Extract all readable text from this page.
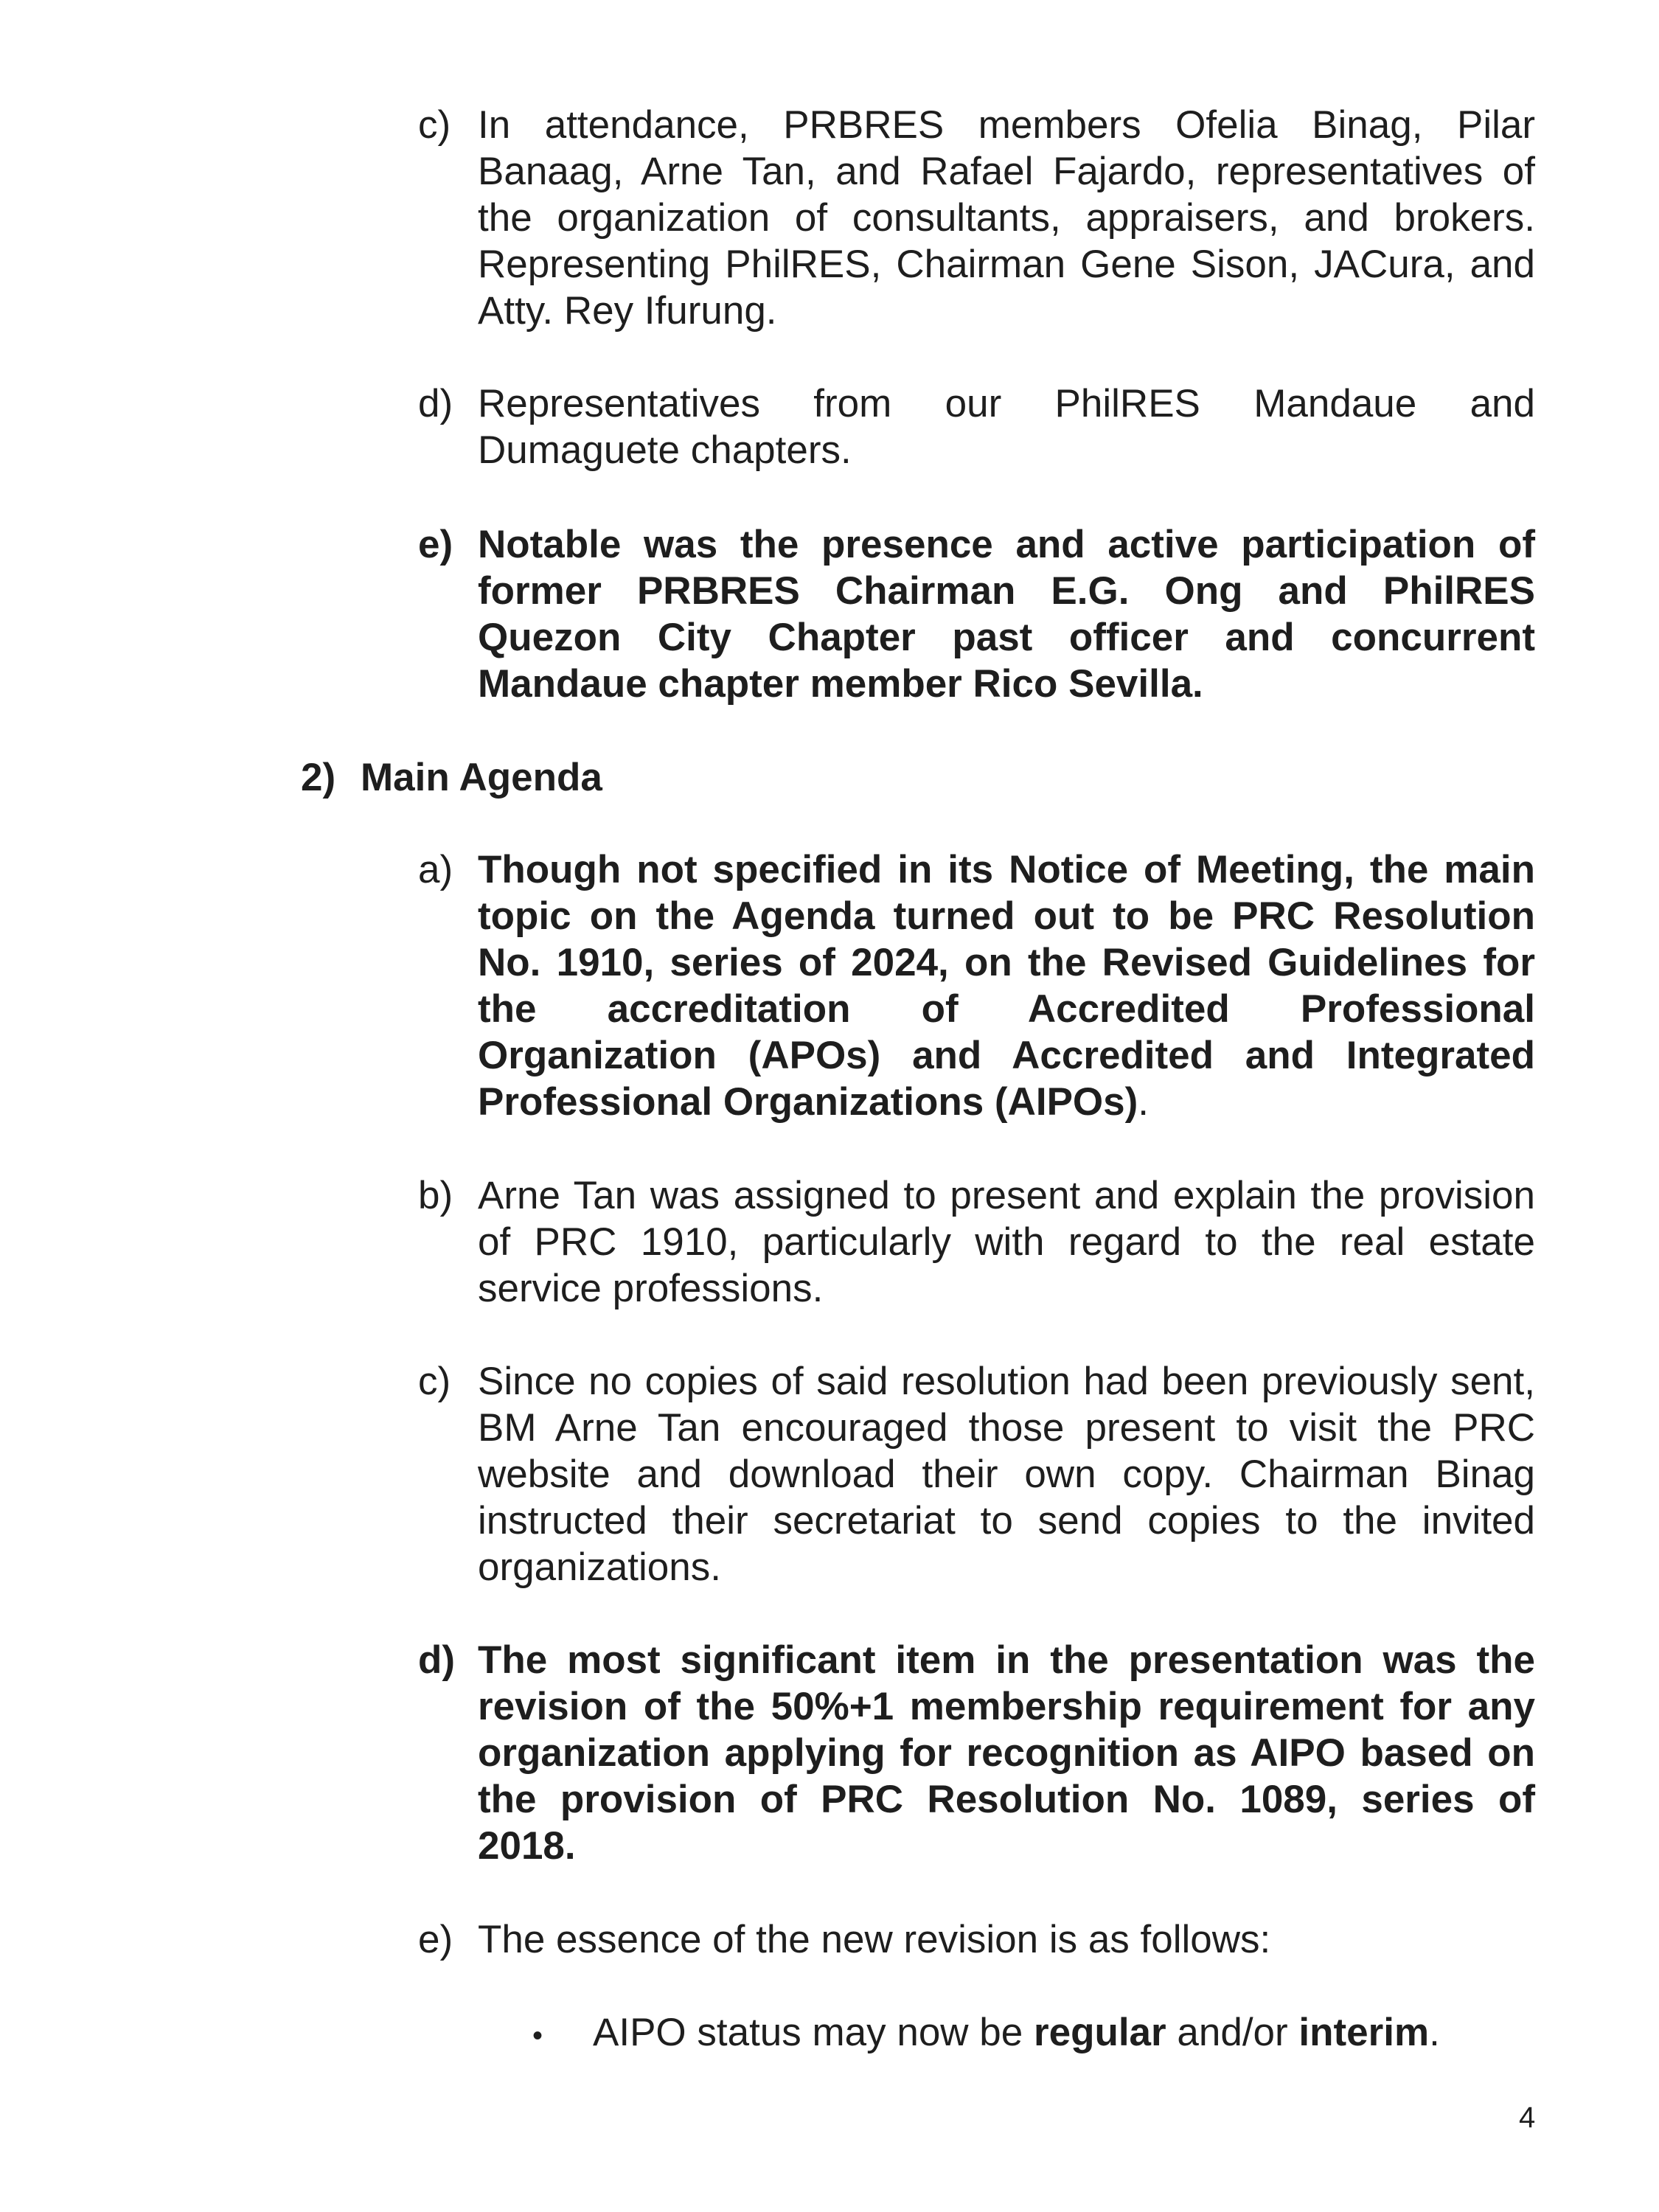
c) In attendance, PRBRES members Ofelia Binag, Pilar Banaag, Arne Tan, and Rafael Fajardo, representatives of the organization of consultants, appraisers, and brokers. Representing PhilRES, Chairman Gene Sison, JACura, and Atty. Rey Ifurung.
d) Representatives from our PhilRES Mandaue and Dumaguete chapters.
e) Notable was the presence and active participation of former PRBRES Chairman E.G. Ong and PhilRES Quezon City Chapter past officer and concurrent Mandaue chapter member Rico Sevilla.
2) Main Agenda
a) Though not specified in its Notice of Meeting, the main topic on the Agenda turned out to be PRC Resolution No. 1910, series of 2024, on the Revised Guidelines for the accreditation of Accredited Professional Organization (APOs) and Accredited and Integrated Professional Organizations (AIPOs).
b) Arne Tan was assigned to present and explain the provision of PRC 1910, particularly with regard to the real estate service professions.
c) Since no copies of said resolution had been previously sent, BM Arne Tan encouraged those present to visit the PRC website and download their own copy. Chairman Binag instructed their secretariat to send copies to the invited organizations.
d) The most significant item in the presentation was the revision of the 50%+1 membership requirement for any organization applying for recognition as AIPO based on the provision of PRC Resolution No. 1089, series of 2018.
e) The essence of the new revision is as follows:
• AIPO status may now be regular and/or interim.
4
